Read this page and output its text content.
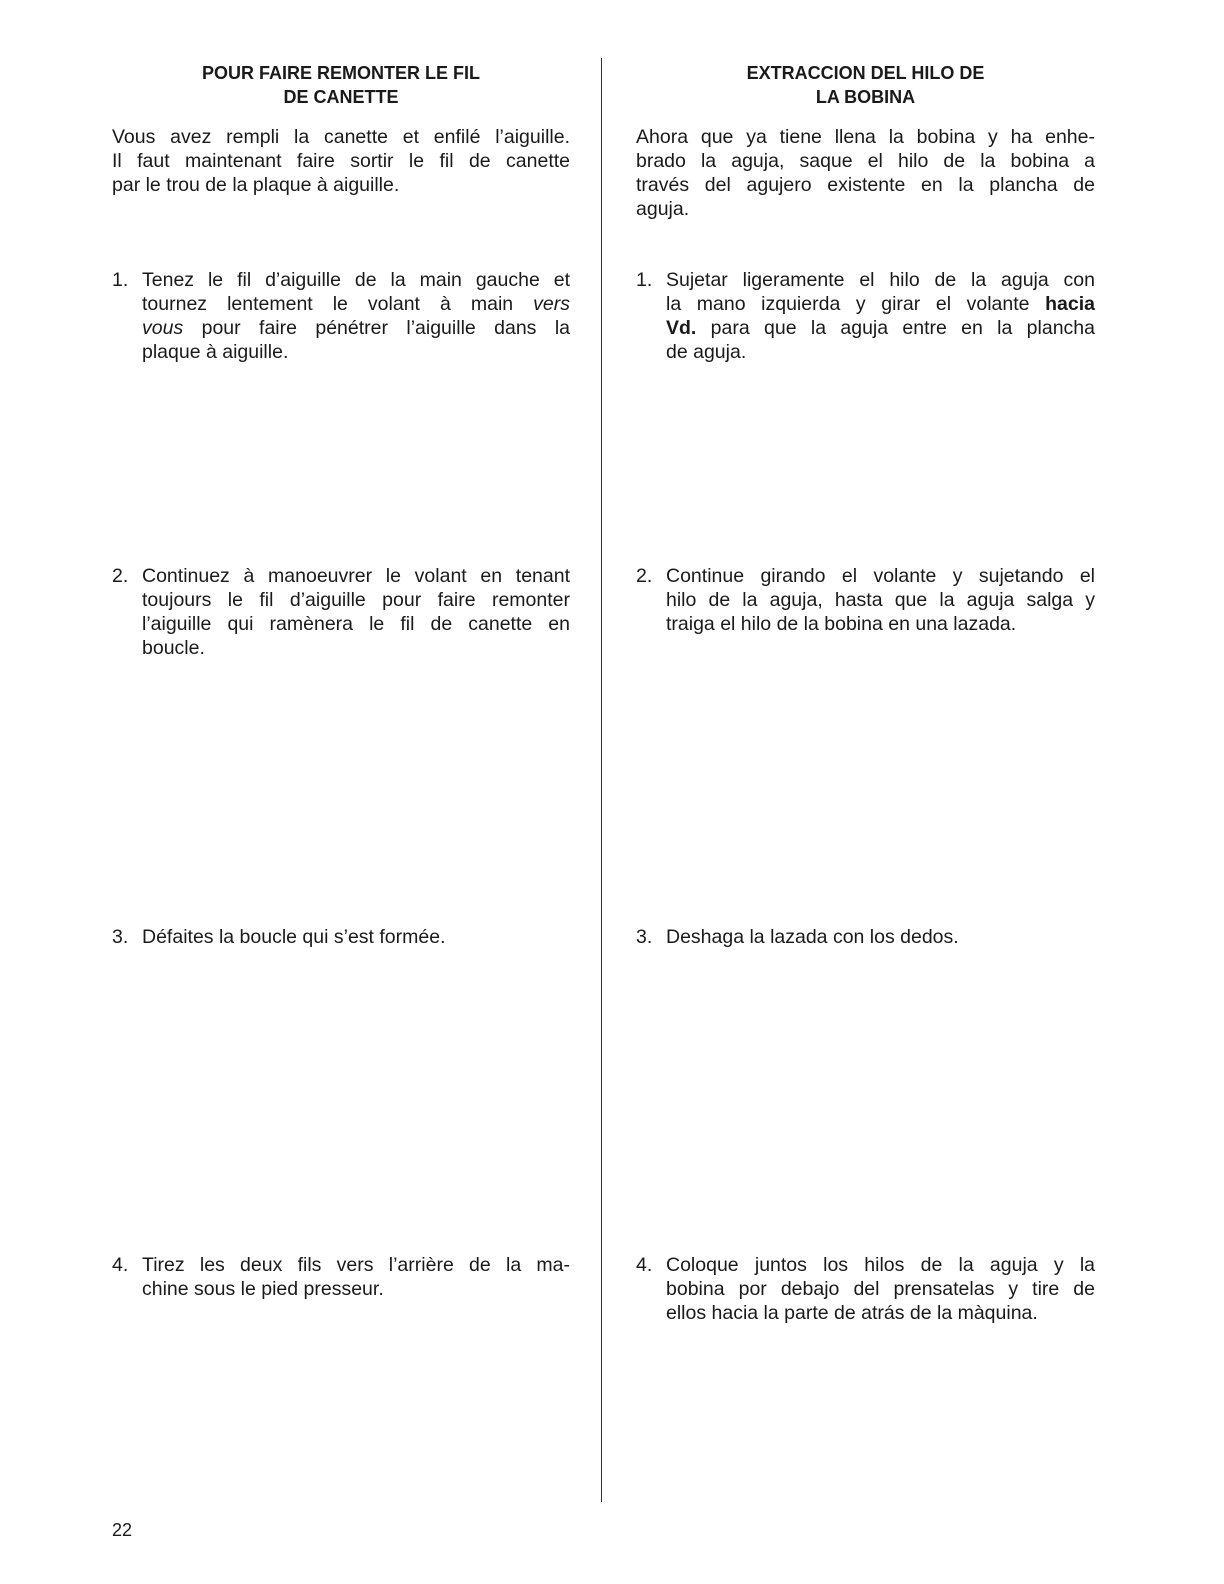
POUR FAIRE REMONTER LE FIL
DE CANETTE

Vous avez rempli la canette et enfilé l’aiguille.
Il faut maintenant faire sortir le fil de canette
par le trou de la plaque à aiguille.

1. Tenez le fil d’aiguille de la main gauche et
tournez lentement le volant à main vers
vous pour faire pénétrer l’aiguille dans la
plaque à aiguille.
2. Continuez à manoeuvrer le volant en tenant
toujours le fil d’aiguille pour faire remonter
l’aiguille qui ramènera le fil de canette en
boucle.
3. Défaites la boucle qui s’est formée.
4. Tirez les deux fils vers l’arrière de la ma-
chine sous le pied presseur.
EXTRACCION DEL HILO DE
LA BOBINA

Ahora que ya tiene llena la bobina y ha enhe-
brado la aguja, saque el hilo de la bobina a
través del agujero existente en la plancha de
aguja.

1. Sujetar ligeramente el hilo de la aguja con
la mano izquierda y girar el volante hacia
Vd. para que la aguja entre en la plancha
de aguja.
2. Continue girando el volante y sujetando el
hilo de la aguja, hasta que la aguja salga y
traiga el hilo de la bobina en una lazada.
3. Deshaga la lazada con los dedos.
4. Coloque juntos los hilos de la aguja y la
bobina por debajo del prensatelas y tire de
ellos hacia la parte de atrás de la màquina.
22
